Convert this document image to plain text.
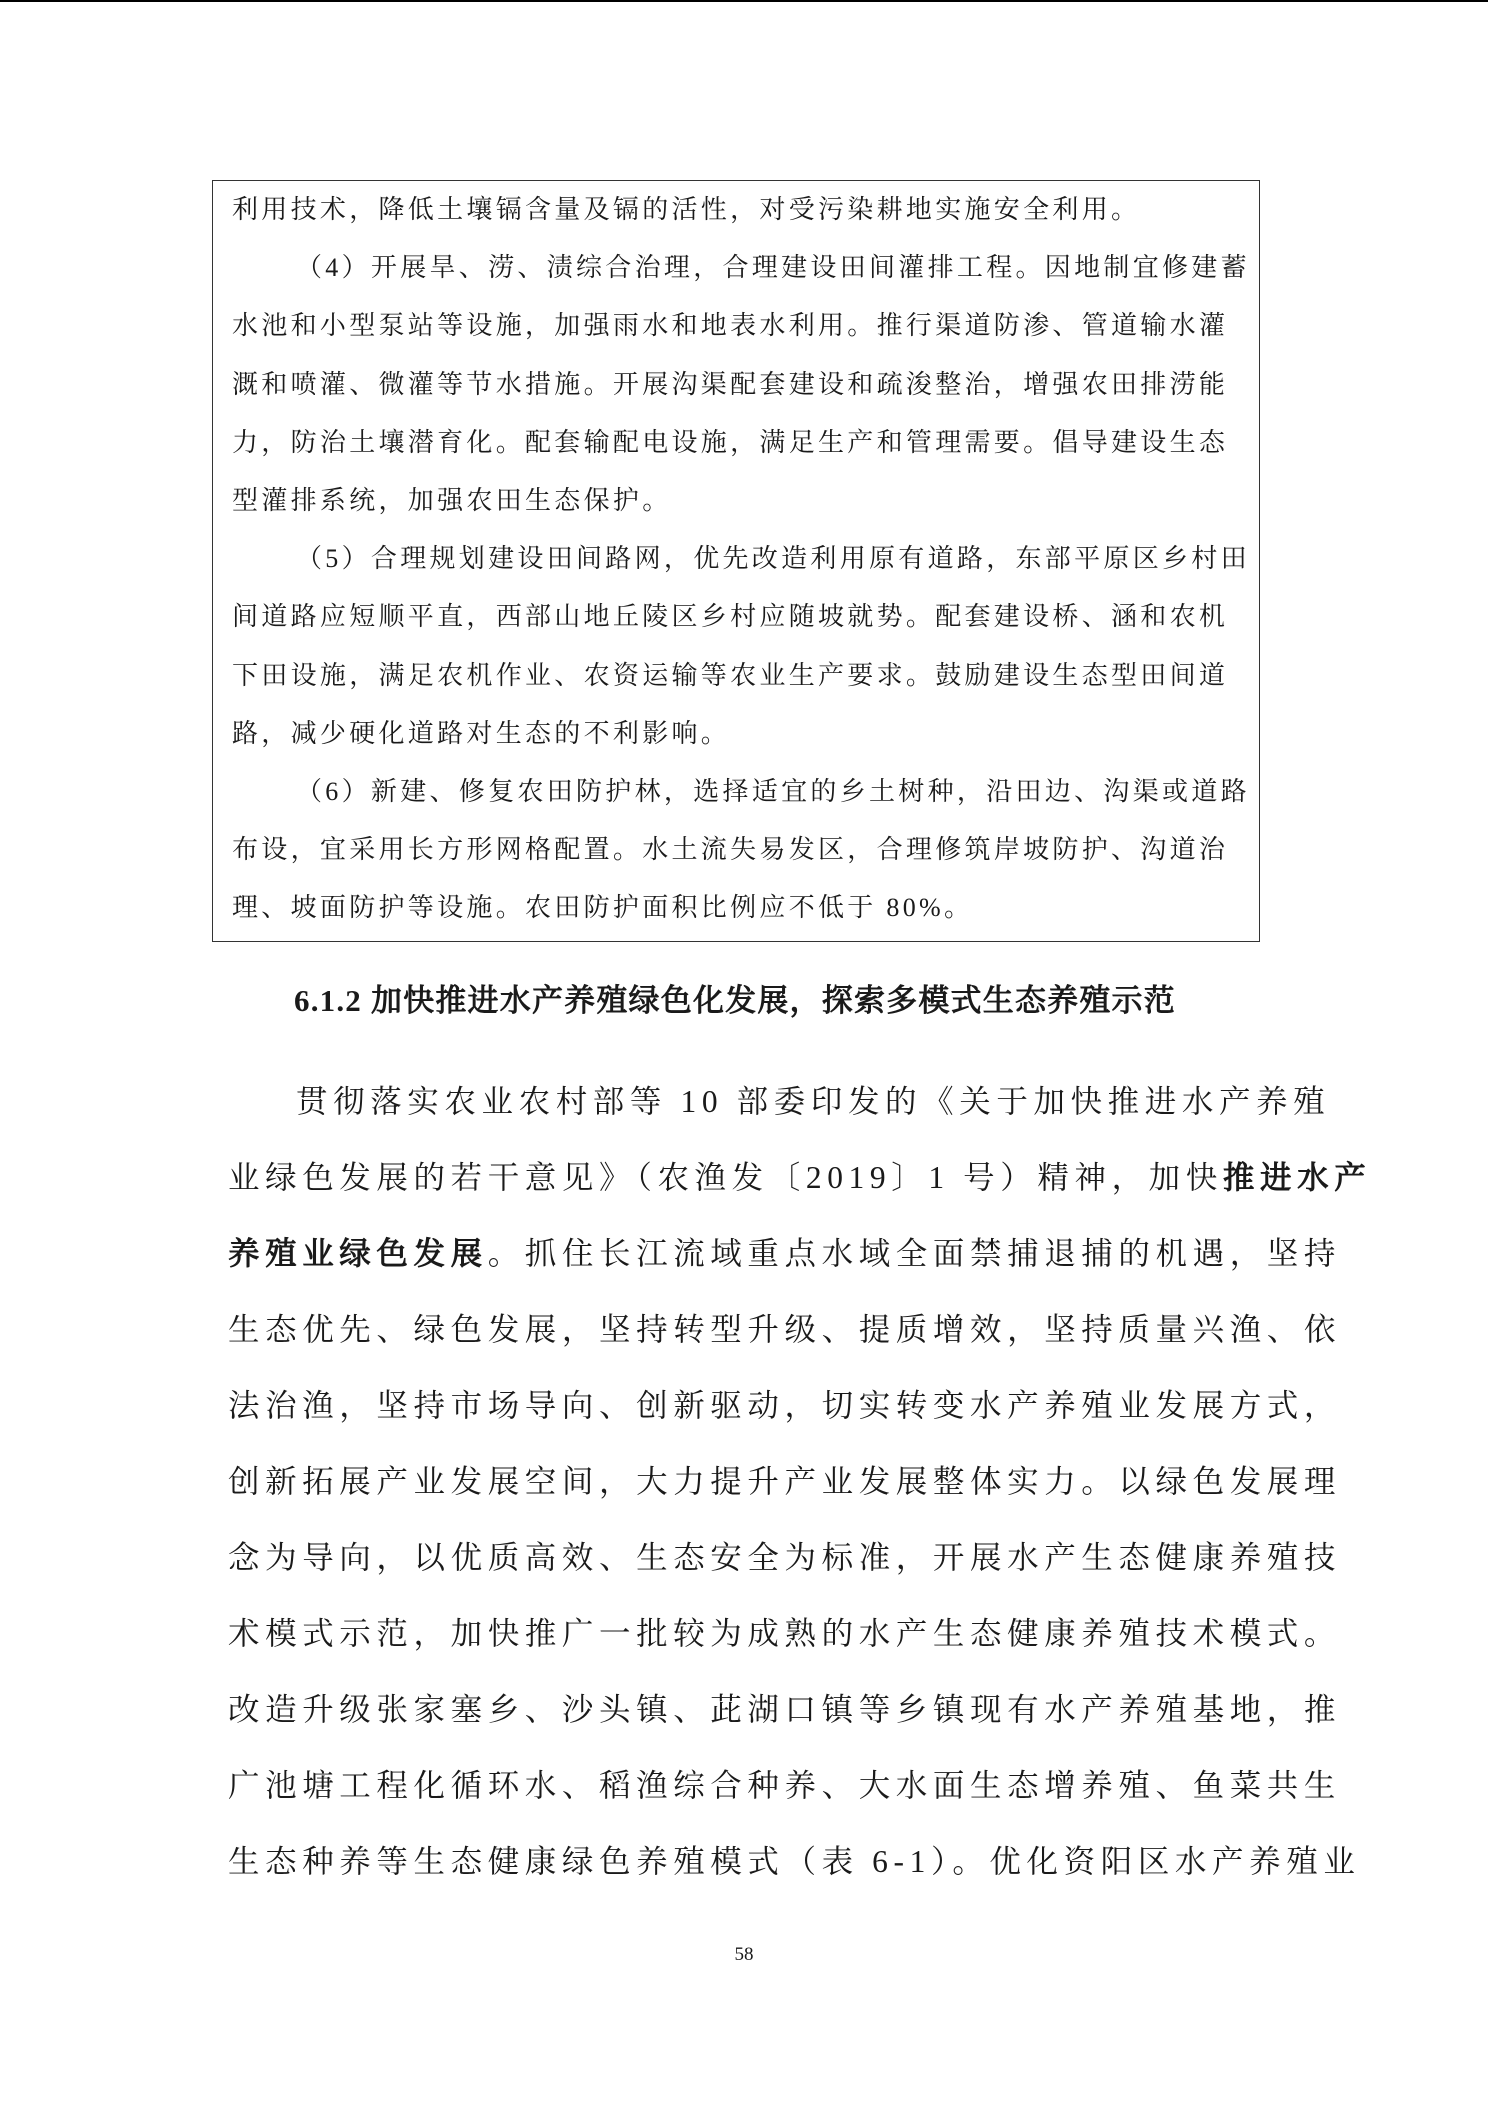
利用技术，降低土壤镉含量及镉的活性，对受污染耕地实施安全利用。
（4）开展旱、涝、渍综合治理，合理建设田间灌排工程。因地制宜修建蓄
水池和小型泵站等设施，加强雨水和地表水利用。推行渠道防渗、管道输水灌
溉和喷灌、微灌等节水措施。开展沟渠配套建设和疏浚整治，增强农田排涝能
力，防治土壤潜育化。配套输配电设施，满足生产和管理需要。倡导建设生态
型灌排系统，加强农田生态保护。
（5）合理规划建设田间路网，优先改造利用原有道路，东部平原区乡村田
间道路应短顺平直，西部山地丘陵区乡村应随坡就势。配套建设桥、涵和农机
下田设施，满足农机作业、农资运输等农业生产要求。鼓励建设生态型田间道
路，减少硬化道路对生态的不利影响。
（6）新建、修复农田防护林，选择适宜的乡土树种，沿田边、沟渠或道路
布设，宜采用长方形网格配置。水土流失易发区，合理修筑岸坡防护、沟道治
理、坡面防护等设施。农田防护面积比例应不低于 80%。
6.1.2 加快推进水产养殖绿色化发展，探索多模式生态养殖示范
贯彻落实农业农村部等 10 部委印发的《关于加快推进水产养殖
业绿色发展的若干意见》（农渔发〔2019〕1 号）精神，加快推进水产
养殖业绿色发展。抓住长江流域重点水域全面禁捕退捕的机遇，坚持
生态优先、绿色发展，坚持转型升级、提质增效，坚持质量兴渔、依
法治渔，坚持市场导向、创新驱动，切实转变水产养殖业发展方式，
创新拓展产业发展空间，大力提升产业发展整体实力。以绿色发展理
念为导向，以优质高效、生态安全为标准，开展水产生态健康养殖技
术模式示范，加快推广一批较为成熟的水产生态健康养殖技术模式。
改造升级张家塞乡、沙头镇、茈湖口镇等乡镇现有水产养殖基地，推
广池塘工程化循环水、稻渔综合种养、大水面生态增养殖、鱼菜共生
生态种养等生态健康绿色养殖模式（表 6-1）。优化资阳区水产养殖业
58
